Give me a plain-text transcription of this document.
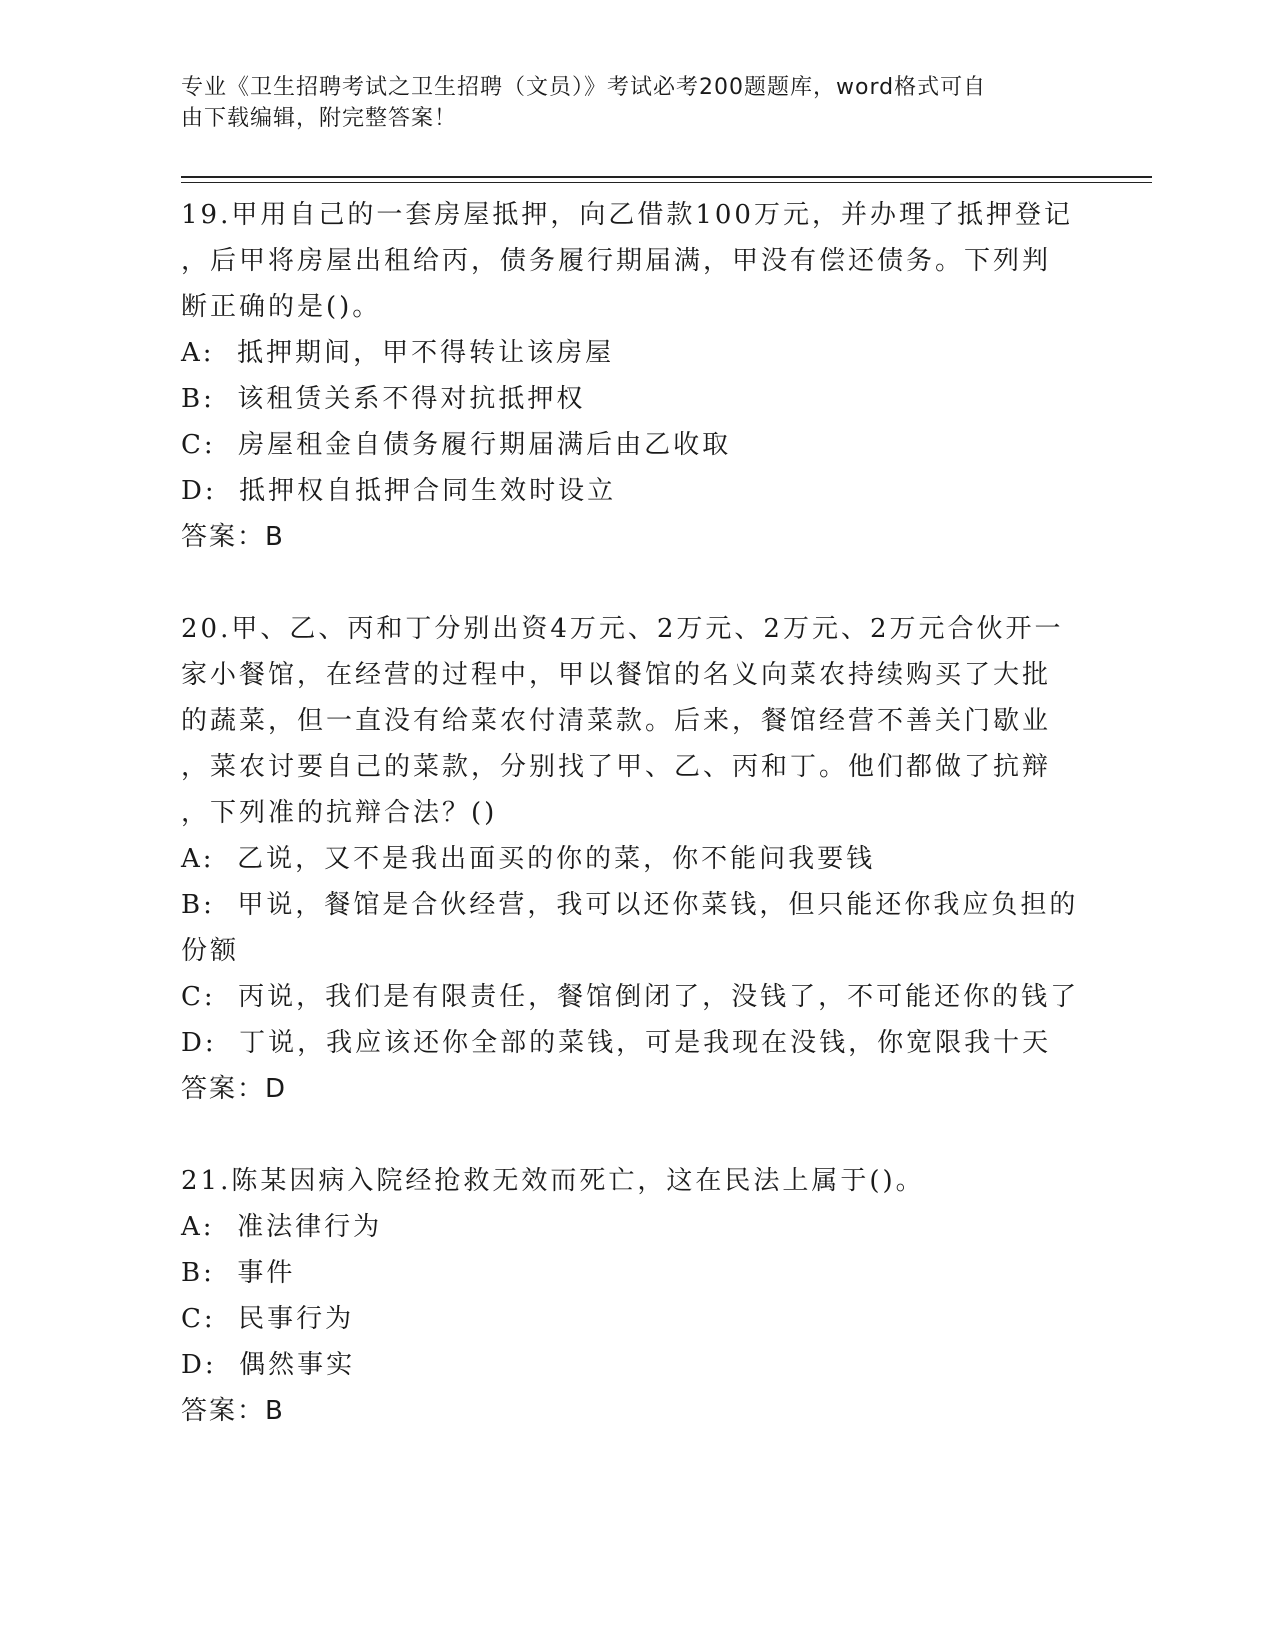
专业《卫生招聘考试之卫生招聘（文员）》考试必考200题题库，word格式可自
由下载编辑，附完整答案！

19.甲用自己的一套房屋抵押，向乙借款100万元，并办理了抵押登记

，后甲将房屋出租给丙，债务履行期届满，甲没有偿还债务。下列判

断正确的是()。

A:  抵押期间，甲不得转让该房屋

B:  该租赁关系不得对抗抵押权

C:  房屋租金自债务履行期届满后由乙收取

D:  抵押权自抵押合同生效时设立

答案：B

20.甲、乙、丙和丁分别出资4万元、2万元、2万元、2万元合伙开一

家小餐馆，在经营的过程中，甲以餐馆的名义向菜农持续购买了大批

的蔬菜，但一直没有给菜农付清菜款。后来，餐馆经营不善关门歇业

，菜农讨要自己的菜款，分别找了甲、乙、丙和丁。他们都做了抗辩

，下列准的抗辩合法？()

A:  乙说，又不是我出面买的你的菜，你不能问我要钱

B:  甲说，餐馆是合伙经营，我可以还你菜钱，但只能还你我应负担的

份额

C:  丙说，我们是有限责任，餐馆倒闭了，没钱了，不可能还你的钱了

D:  丁说，我应该还你全部的菜钱，可是我现在没钱，你宽限我十天

答案：D

21.陈某因病入院经抢救无效而死亡，这在民法上属于()。

A:  准法律行为

B:  事件

C:  民事行为

D:  偶然事实

答案：B
